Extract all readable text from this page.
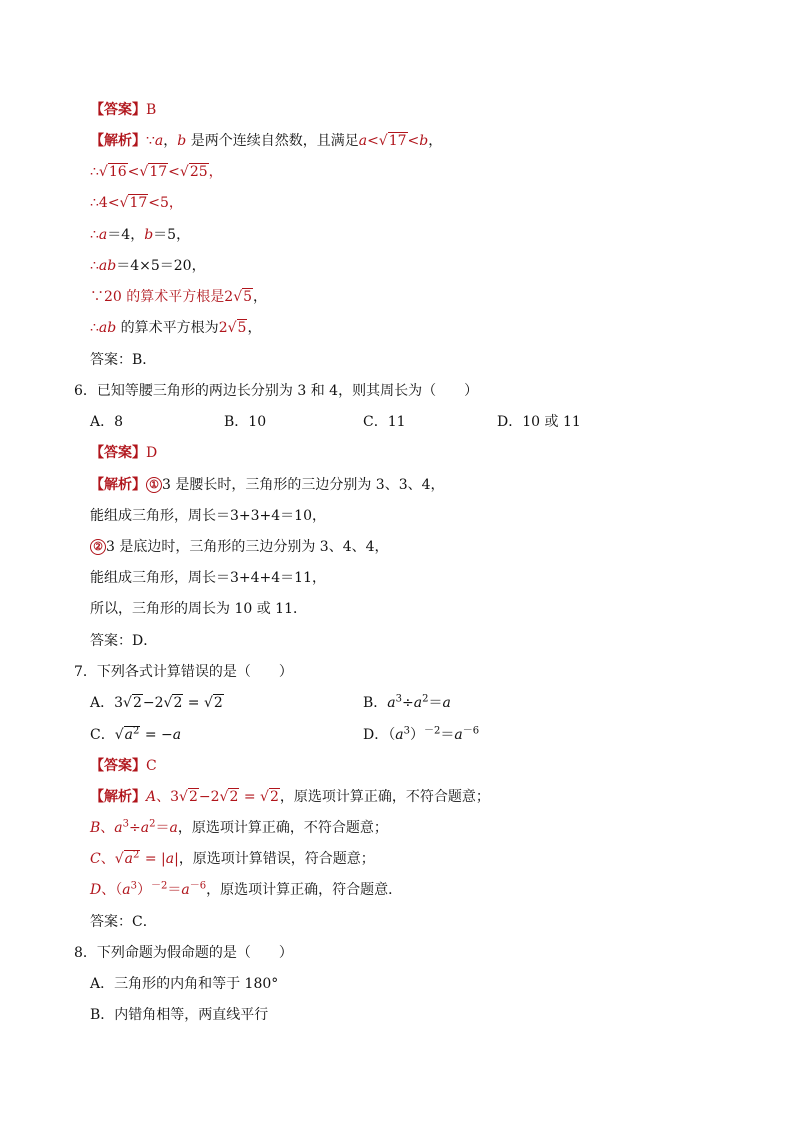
【答案】B
【解析】∵a，b 是两个连续自然数，且满足a<√17<b，
∴√16<√17<√25，
∴4<√17<5，
∴a＝4，b＝5，
∴ab＝4×5＝20，
∵20 的算术平方根是2√5，
∴ab 的算术平方根为2√5，
答案：B．
6．已知等腰三角形的两边长分别为 3 和 4，则其周长为（　　）
A．8	B．10	C．11	D．10 或 11
【答案】D
【解析】 ① 3 是腰长时，三角形的三边分别为 3、3、4，
能组成三角形，周长＝3+3+4＝10，
② 3 是底边时，三角形的三边分别为 3、4、4，
能组成三角形，周长＝3+4+4＝11，
所以，三角形的周长为 10 或 11．
答案：D．
7．下列各式计算错误的是（　　）
A．3√2−2√2 = √2	B．$a^3\div a^2=a$
C．$√a^2 = -a$	D．$(a^3)^{-2}=a^{-6}$
【答案】C
【解析】A、3√2−2√2 = √2，原选项计算正确，不符合题意；
B、$a^3\div a^2=a$，原选项计算正确，不符合题意；
C、$√a^2 = |a|$，原选项计算错误，符合题意；
D、$(a^3)^{-2}=a^{-6}$，原选项计算正确，符合题意．
答案：C．
8．下列命题为假命题的是（　　）
A．三角形的内角和等于 180°
B．内错角相等，两直线平行
